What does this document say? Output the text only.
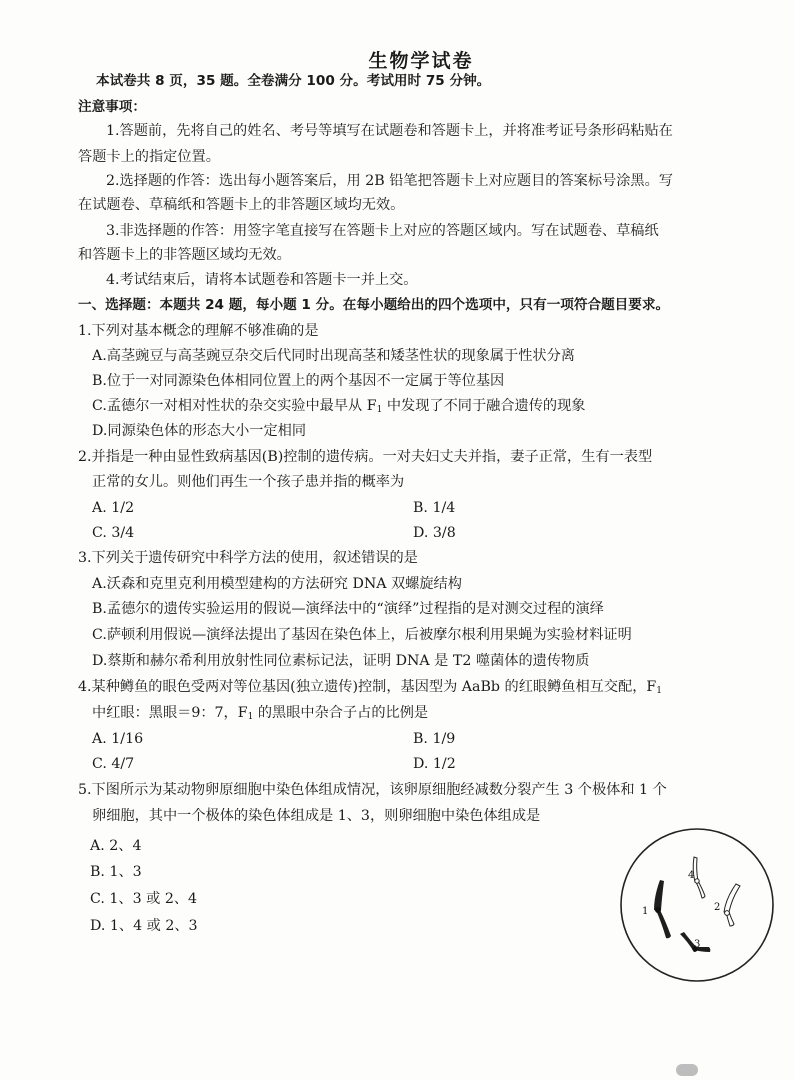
生物学试卷
本试卷共 8 页，35 题。全卷满分 100 分。考试用时 75 分钟。
注意事项：
1.答题前，先将自己的姓名、考号等填写在试题卷和答题卡上，并将准考证号条形码粘贴在
答题卡上的指定位置。
2.选择题的作答：选出每小题答案后，用 2B 铅笔把答题卡上对应题目的答案标号涂黑。写
在试题卷、草稿纸和答题卡上的非答题区域均无效。
3.非选择题的作答：用签字笔直接写在答题卡上对应的答题区域内。写在试题卷、草稿纸
和答题卡上的非答题区域均无效。
4.考试结束后，请将本试题卷和答题卡一并上交。
一、选择题：本题共 24 题，每小题 1 分。在每小题给出的四个选项中，只有一项符合题目要求。
1.下列对基本概念的理解不够准确的是
A.高茎豌豆与高茎豌豆杂交后代同时出现高茎和矮茎性状的现象属于性状分离
B.位于一对同源染色体相同位置上的两个基因不一定属于等位基因
C.孟德尔一对相对性状的杂交实验中最早从 $F_1$ 中发现了不同于融合遗传的现象
D.同源染色体的形态大小一定相同
2.并指是一种由显性致病基因(B)控制的遗传病。一对夫妇丈夫并指，妻子正常，生有一表型
正常的女儿。则他们再生一个孩子患并指的概率为
A. 1/2	B. 1/4
C. 3/4	D. 3/8
3.下列关于遗传研究中科学方法的使用，叙述错误的是
A.沃森和克里克利用模型建构的方法研究 DNA 双螺旋结构
B.孟德尔的遗传实验运用的假说—演绎法中的“演绎”过程指的是对测交过程的演绎
C.萨顿利用假说—演绎法提出了基因在染色体上，后被摩尔根利用果蝇为实验材料证明
D.蔡斯和赫尔希利用放射性同位素标记法，证明 DNA 是 T2 噬菌体的遗传物质
4.某种鳟鱼的眼色受两对等位基因(独立遗传)控制，基因型为 AaBb 的红眼鳟鱼相互交配，$F_1$
中红眼：黑眼＝9：7，$F_1$ 的黑眼中杂合子占的比例是
A. 1/16	B. 1/9
C. 4/7	D. 1/2
5.下图所示为某动物卵原细胞中染色体组成情况，该卵原细胞经减数分裂产生 3 个极体和 1 个
卵细胞，其中一个极体的染色体组成是 1、3，则卵细胞中染色体组成是
A. 2、4
B. 1、3
C. 1、3 或 2、4
D. 1、4 或 2、3
1	2
3
4
